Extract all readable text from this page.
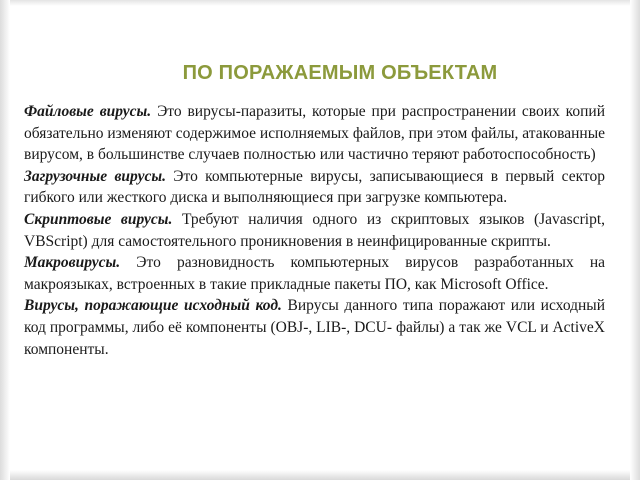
ПО ПОРАЖАЕМЫМ ОБЪЕКТАМ

Файловые вирусы. Это вирусы-паразиты, которые при распространении своих копий обязательно изменяют содержимое исполняемых файлов, при этом файлы, атакованные вирусом, в большинстве случаев полностью или частично теряют работоспособность)

Загрузочные вирусы. Это компьютерные вирусы, записывающиеся в первый сектор гибкого или жесткого диска и выполняющиеся при загрузке компьютера.

Скриптовые вирусы. Требуют наличия одного из скриптовых языков (Javascript, VBScript) для самостоятельного проникновения в неинфицированные скрипты.

Макровирусы. Это разновидность компьютерных вирусов разработанных на макроязыках, встроенных в такие прикладные пакеты ПО, как Microsoft Office.

Вирусы, поражающие исходный код. Вирусы данного типа поражают или исходный код программы, либо её компоненты (OBJ-, LIB-, DCU- файлы) а так же VCL и ActiveX компоненты.
